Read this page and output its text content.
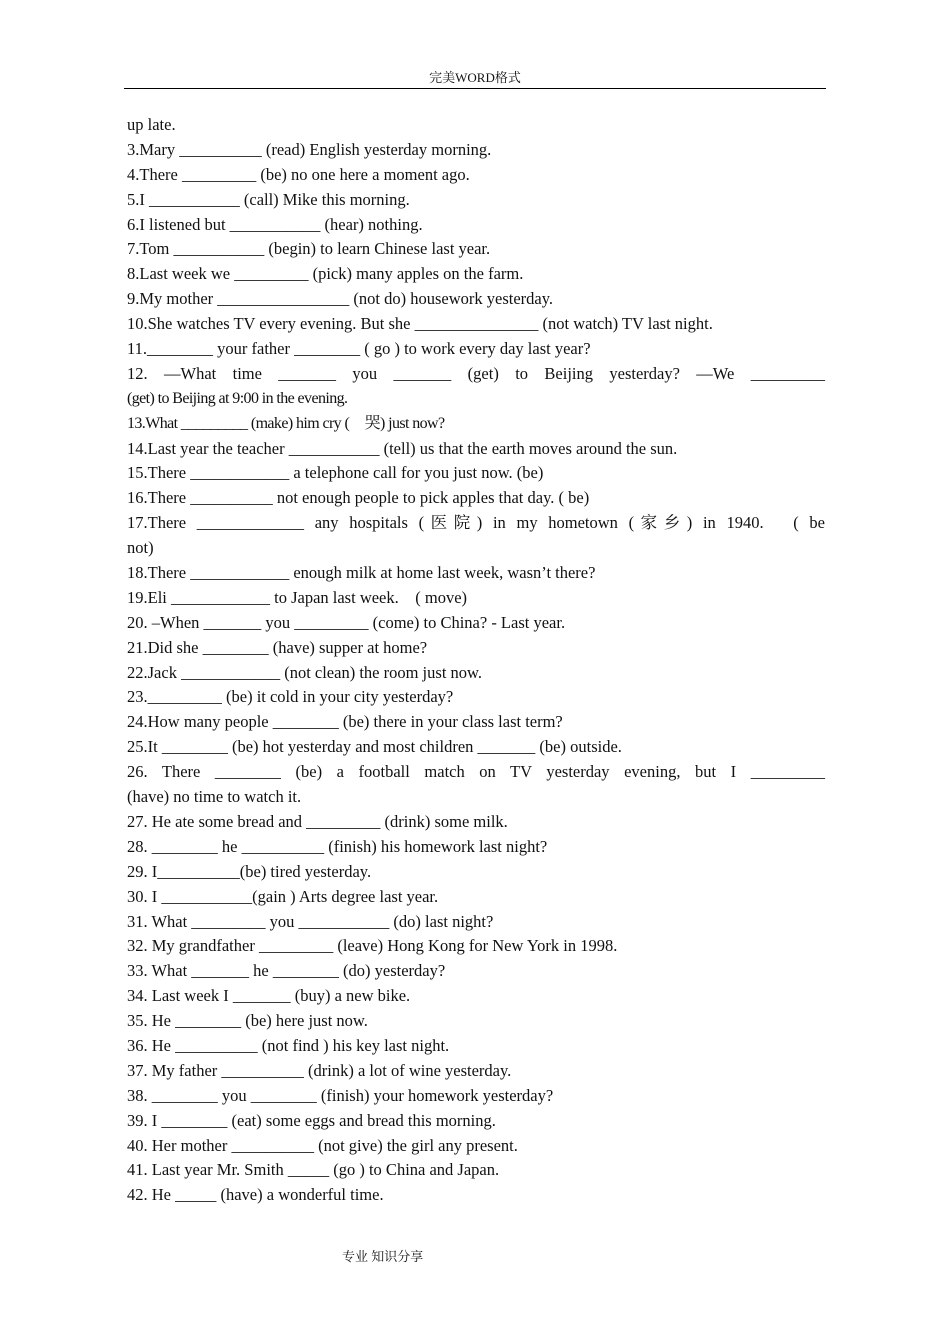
完美WORD格式
up late.
3.Mary __________ (read) English yesterday morning.
4.There _________ (be) no one here a moment ago.
5.I ___________ (call) Mike this morning.
6.I listened but ___________ (hear) nothing.
7.Tom ___________ (begin) to learn Chinese last year.
8.Last week we _________ (pick) many apples on the farm.
9.My mother ________________ (not do) housework yesterday.
10.She watches TV every evening. But she _______________ (not watch) TV last night.
11.________ your father ________ ( go ) to work every day last year?
12. —What time _______ you _______ (get) to Beijing yesterday? —We _________
(get) to Beijing at 9:00 in the evening.
13.What _________ (make) him cry (　哭) just now?
14.Last year the teacher ___________ (tell) us that the earth moves around the sun.
15.There ____________ a telephone call for you just now. (be)
16.There __________ not enough people to pick apples that day. ( be)
17.There _____________ any hospitals (医院) in my hometown (家乡) in 1940.　( be
not)
18.There ____________ enough milk at home last week, wasn’t there?
19.Eli ____________ to Japan last week.　( move)
20. –When _______ you _________ (come) to China? - Last year.
21.Did she ________ (have) supper at home?
22.Jack ____________ (not clean) the room just now.
23._________ (be) it cold in your city yesterday?
24.How many people ________ (be) there in your class last term?
25.It ________ (be) hot yesterday and most children _______ (be) outside.
26. There ________ (be) a football match on TV yesterday evening, but I _________
(have) no time to watch it.
27. He ate some bread and _________ (drink) some milk.
28. ________ he __________ (finish) his homework last night?
29. I__________(be) tired yesterday.
30. I ___________(gain ) Arts degree last year.
31. What _________ you ___________ (do) last night?
32. My grandfather _________ (leave) Hong Kong for New York in 1998.
33. What _______ he ________ (do) yesterday?
34. Last week I _______ (buy) a new bike.
35. He ________ (be) here just now.
36. He __________ (not find ) his key last night.
37. My father __________ (drink) a lot of wine yesterday.
38. ________ you ________ (finish) your homework yesterday?
39. I ________ (eat) some eggs and bread this morning.
40. Her mother __________ (not give) the girl any present.
41. Last year Mr. Smith _____ (go ) to China and Japan.
42. He _____ (have) a wonderful time.
专业 知识分享
